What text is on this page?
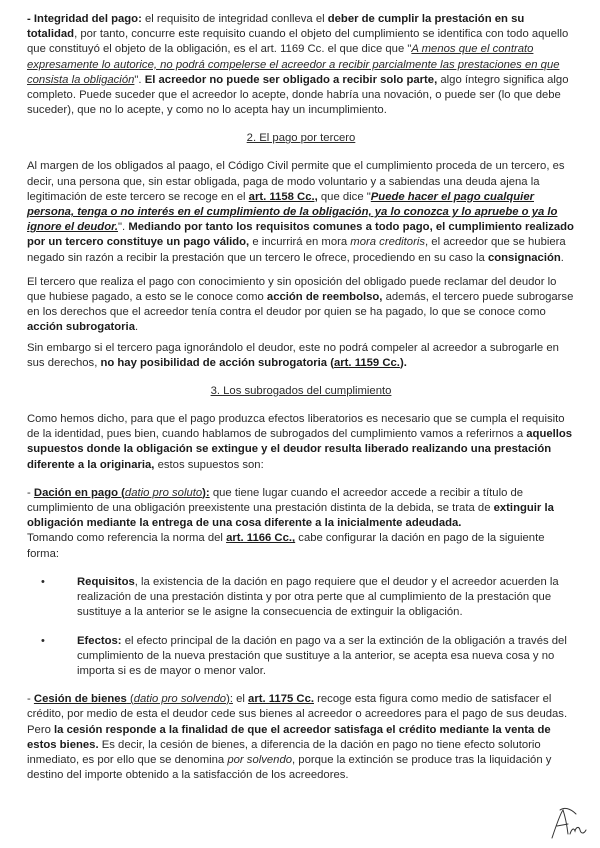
- Integridad del pago: el requisito de integridad conlleva el deber de cumplir la prestación en su totalidad, por tanto, concurre este requisito cuando el objeto del cumplimiento se identifica con todo aquello que constituyó el objeto de la obligación, es el art. 1169 Cc. el que dice que "A menos que el contrato expresamente lo autorice, no podrá compelerse el acreedor a recibir parcialmente las prestaciones en que consista la obligación". El acreedor no puede ser obligado a recibir solo parte, algo íntegro significa algo completo. Puede suceder que el acreedor lo acepte, donde habría una novación, o puede ser (lo que debe suceder), que no lo acepte, y como no lo acepta hay un incumplimiento.

2. El pago por tercero

Al margen de los obligados al paago, el Código Civil permite que el cumplimiento proceda de un tercero, es decir, una persona que, sin estar obligada, paga de modo voluntario y a sabiendas una deuda ajena la legitimación de este tercero se recoge en el art. 1158 Cc., que dice "Puede hacer el pago cualquier persona, tenga o no interés en el cumplimiento de la obligación, ya lo conozca y lo apruebe o ya lo ignore el deudor.". Mediando por tanto los requisitos comunes a todo pago, el cumplimiento realizado por un tercero constituye un pago válido, e incurrirá en mora mora creditoris, el acreedor que se hubiera negado sin razón a recibir la prestación que un tercero le ofrece, procediendo en su caso la consignación.

El tercero que realiza el pago con conocimiento y sin oposición del obligado puede reclamar del deudor lo que hubiese pagado, a esto se le conoce como acción de reembolso, además, el tercero puede subrogarse en los derechos que el acreedor tenía contra el deudor por quien se ha pagado, lo que se conoce como acción subrogatoria.

Sin embargo si el tercero paga ignorándolo el deudor, este no podrá compeler al acreedor a subrogarle en sus derechos, no hay posibilidad de acción subrogatoria (art. 1159 Cc.).

3. Los subrogados del cumplimiento

Como hemos dicho, para que el pago produzca efectos liberatorios es necesario que se cumpla el requisito de la identidad, pues bien, cuando hablamos de subrogados del cumplimiento vamos a referirnos a aquellos supuestos donde la obligación se extingue y el deudor resulta liberado realizando una prestación diferente a la originaria, estos supuestos son:

- Dación en pago (datio pro soluto): que tiene lugar cuando el acreedor accede a recibir a título de cumplimiento de una obligación preexistente una prestación distinta de la debida, se trata de extinguir la obligación mediante la entrega de una cosa diferente a la inicialmente adeudada.

Tomando como referencia la norma del art. 1166 Cc., cabe configurar la dación en pago de la siguiente forma:

•	Requisitos, la existencia de la dación en pago requiere que el deudor y el acreedor acuerden la realización de una prestación distinta y por otra perte que al cumplimiento de la prestación que sustituye a la anterior se le asigne la consecuencia de extinguir la obligación.

•	Efectos: el efecto principal de la dación en pago va a ser la extinción de la obligación a través del cumplimiento de la nueva prestación que sustituye a la anterior, se acepta esa nueva cosa y no importa si es de mayor o menor valor.

- Cesión de bienes (datio pro solvendo): el art. 1175 Cc. recoge esta figura como medio de satisfacer el crédito, por medio de esta el deudor cede sus bienes al acreedor o acreedores para el pago de sus deudas. Pero la cesión responde a la finalidad de que el acreedor satisfaga el crédito mediante la venta de estos bienes. Es decir, la cesión de bienes, a diferencia de la dación en pago no tiene efecto solutorio inmediato, es por ello que se denomina por solvendo, porque la extinción se produce tras la liquidación y destino del importe obtenido a la satisfacción de los acreedores.
